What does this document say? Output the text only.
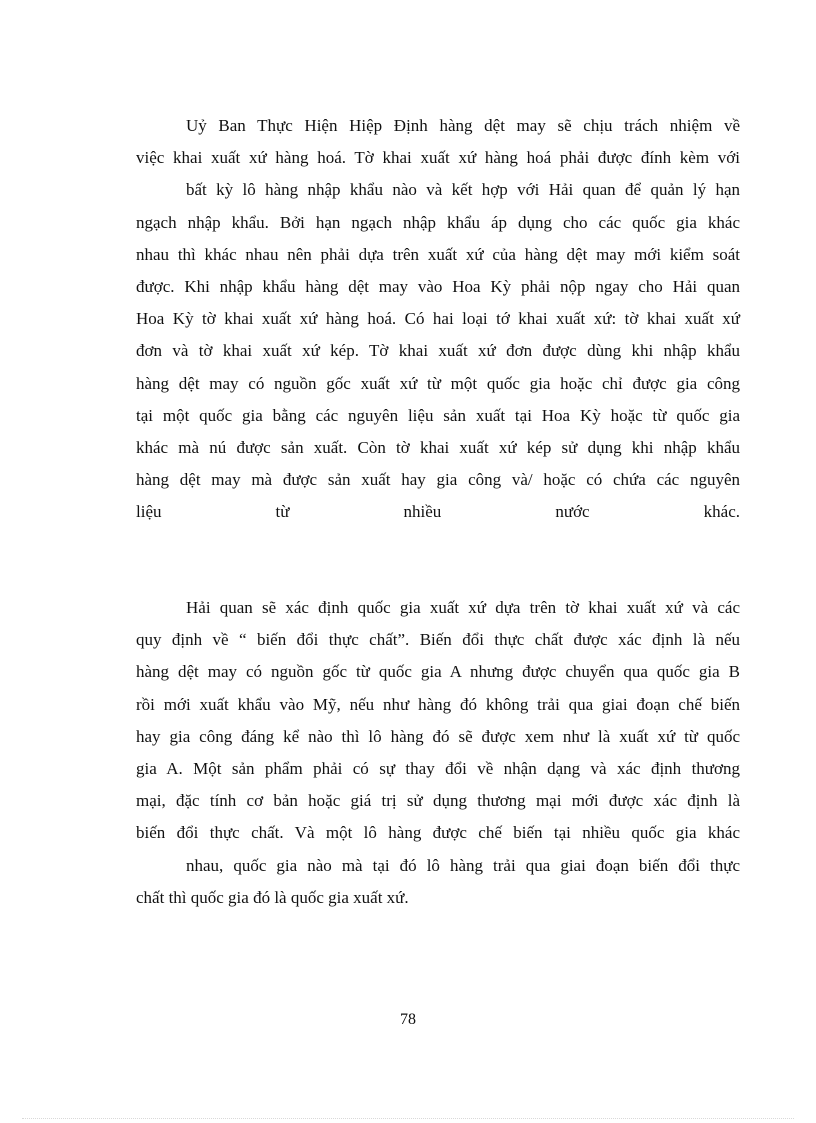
Uỷ Ban Thực Hiện Hiệp Định hàng dệt may sẽ chịu trách nhiệm về
việc khai xuất xứ hàng hoá. Tờ khai xuất xứ hàng hoá phải được đính kèm với
bất kỳ lô hàng nhập khẩu nào và kết hợp với Hải quan để quản lý hạn
ngạch nhập khẩu. Bởi hạn ngạch nhập khẩu áp dụng cho các quốc gia khác
nhau thì khác nhau nên phải dựa trên xuất xứ của hàng dệt may mới kiểm soát
được. Khi nhập khẩu hàng dệt may vào Hoa Kỳ phải nộp ngay cho Hải quan
Hoa Kỳ tờ khai xuất xứ hàng hoá. Có hai loại tớ khai xuất xứ: tờ khai xuất xứ
đơn và tờ khai xuất xứ kép. Tờ khai xuất xứ đơn được dùng khi nhập khẩu
hàng dệt may có nguồn gốc xuất xứ từ một quốc gia hoặc chỉ được gia công
tại một quốc gia bằng các nguyên liệu sản xuất tại Hoa Kỳ hoặc từ quốc gia
khác mà nú được sản xuất. Còn tờ khai xuất xứ kép sử dụng khi nhập khẩu
hàng dệt may mà được sản xuất hay gia công và/ hoặc có chứa các nguyên
liệu từ nhiều nước khác.
Hải quan sẽ xác định quốc gia xuất xứ dựa trên tờ khai xuất xứ và các
quy định về “ biến đổi thực chất”. Biến đổi thực chất được xác định là nếu
hàng dệt may có nguồn gốc từ quốc gia A nhưng được chuyển qua quốc gia B
rồi mới xuất khẩu vào Mỹ, nếu như hàng đó không trải qua giai đoạn chế biến
hay gia công đáng kể nào thì lô hàng đó sẽ được xem như là xuất xứ từ quốc
gia A. Một sản phẩm phải có sự thay đổi về nhận dạng và xác định thương
mại, đặc tính cơ bản hoặc giá trị sử dụng thương mại mới được xác định là
biến đổi thực chất. Và một lô hàng được chế biến tại nhiều quốc gia khác
nhau, quốc gia nào mà tại đó lô hàng trải qua giai đoạn biến đổi thực
chất thì quốc gia đó là quốc gia xuất xứ.
78
